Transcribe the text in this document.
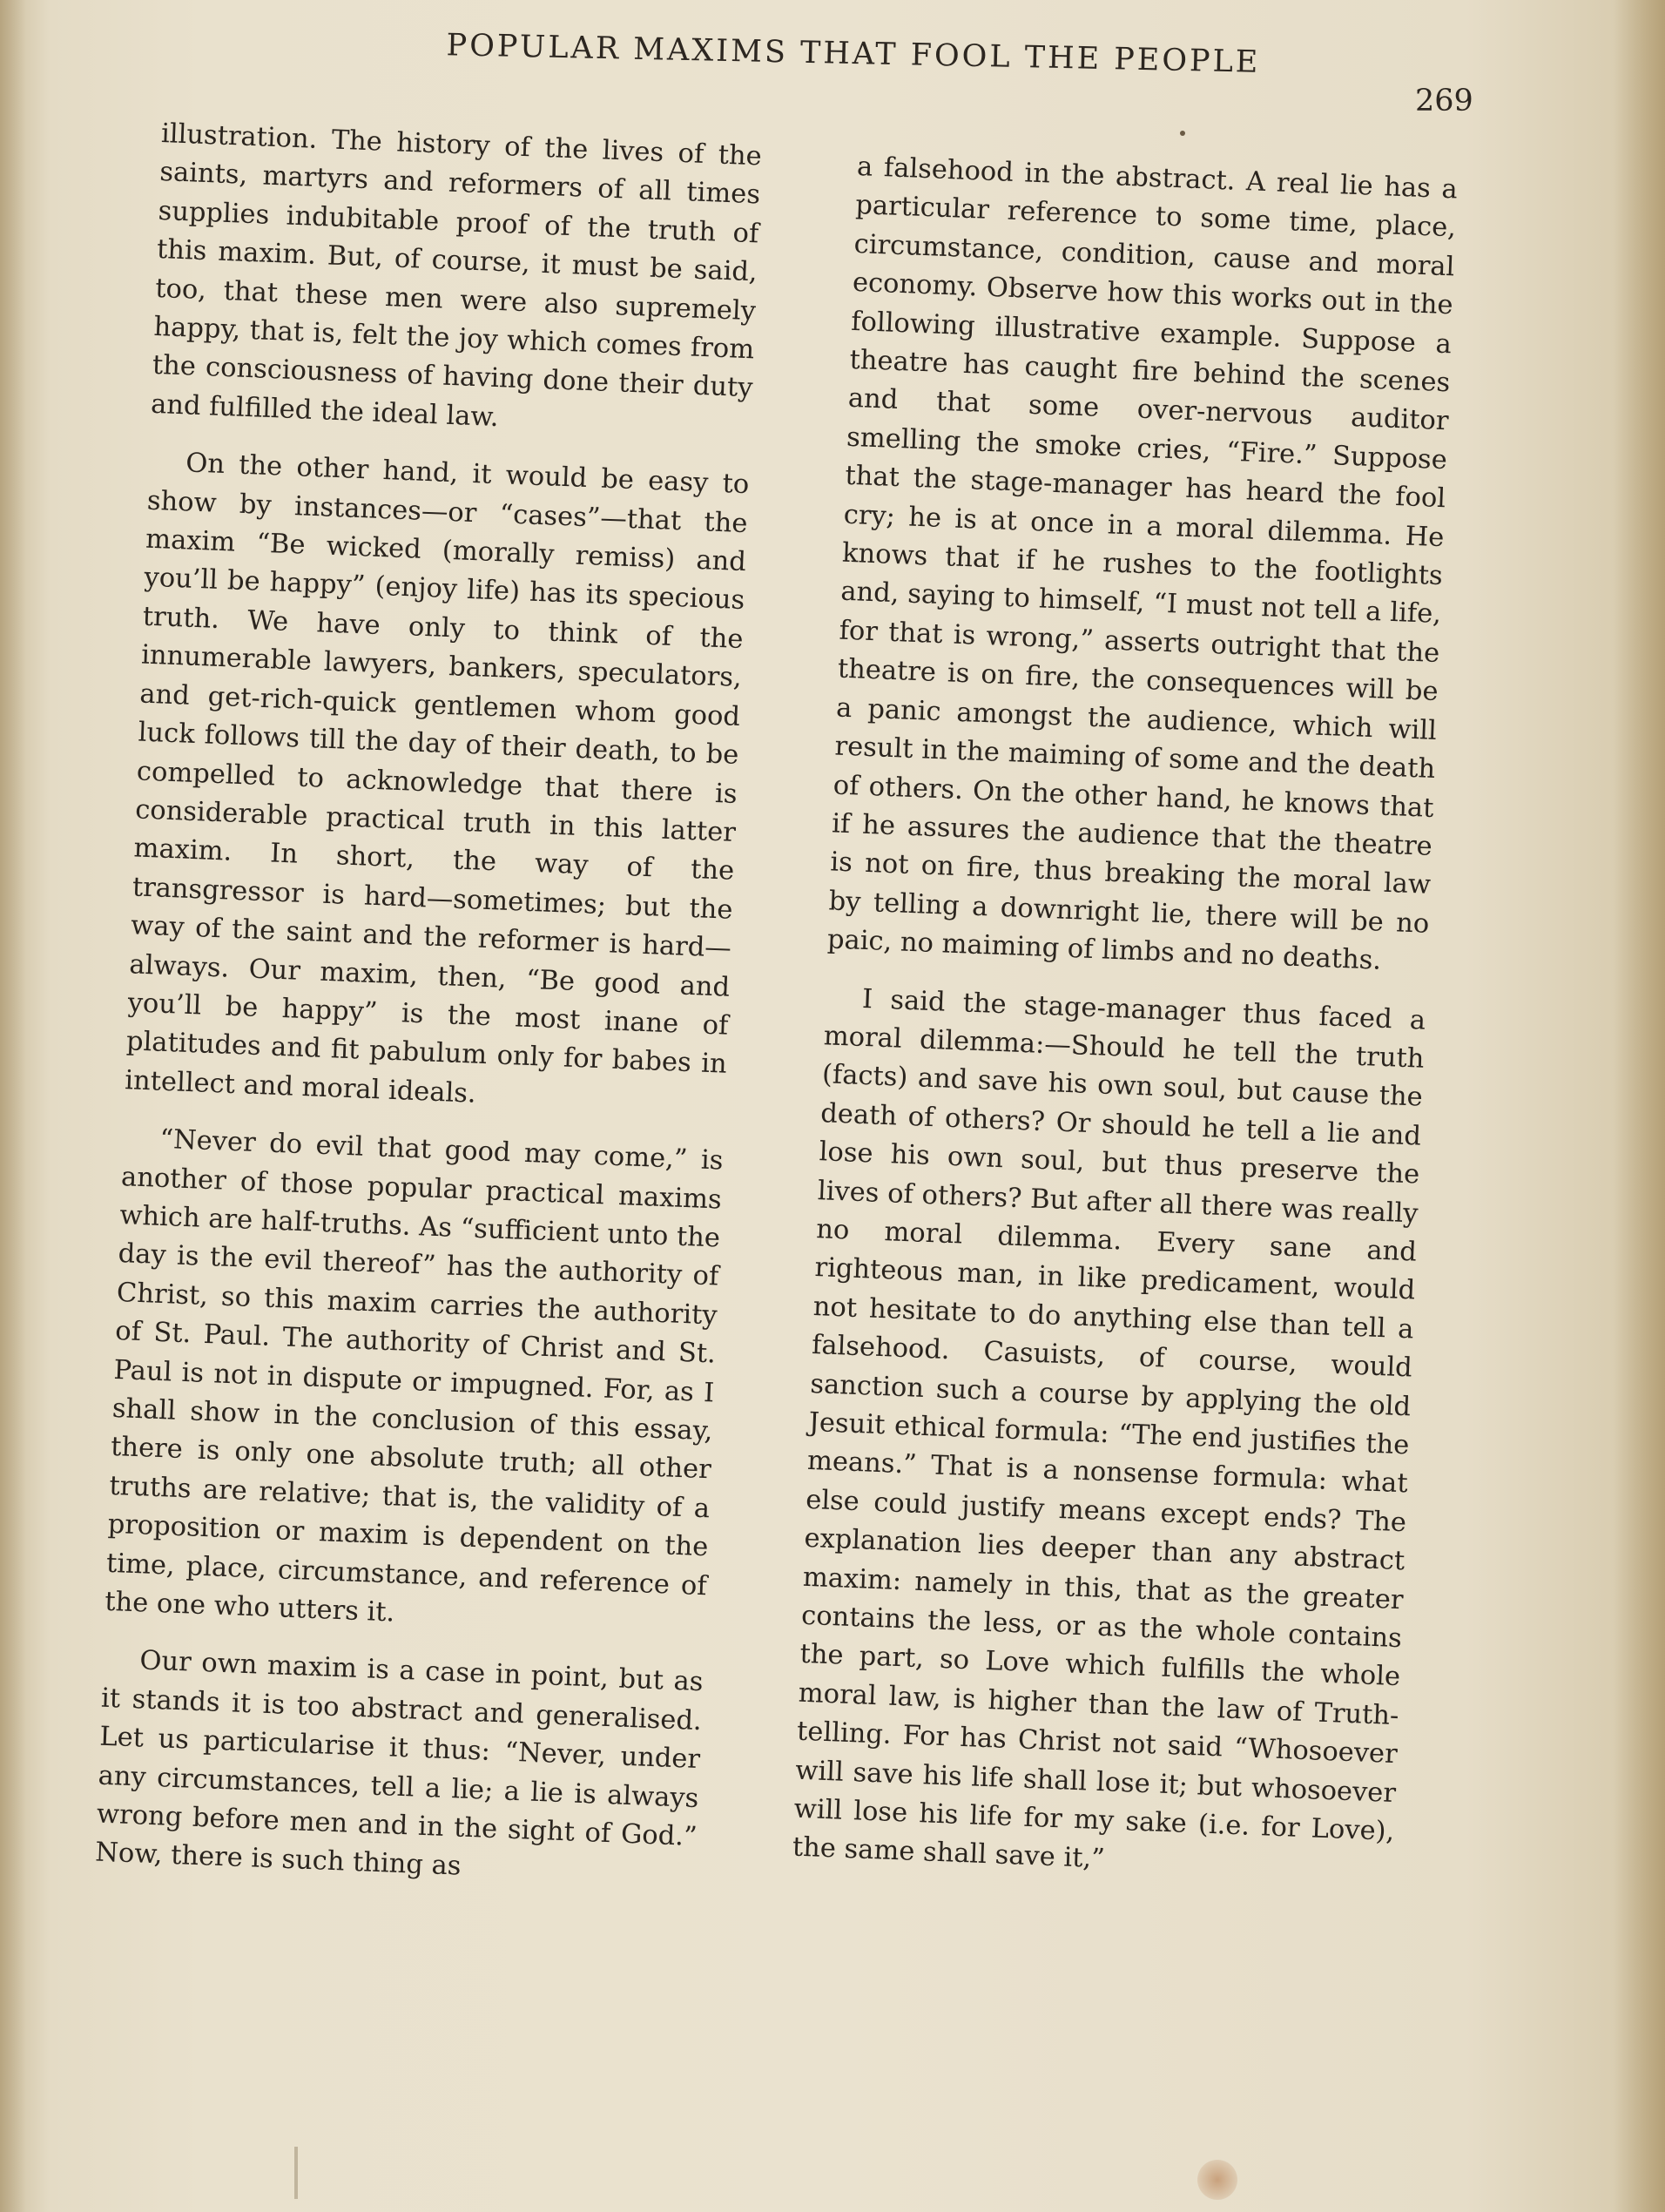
POPULAR MAXIMS THAT FOOL THE PEOPLE
269

illustration. The history of the lives of the saints, martyrs and reformers of all times supplies indubitable proof of the truth of this maxim. But, of course, it must be said, too, that these men were also supremely happy, that is, felt the joy which comes from the consciousness of having done their duty and fulfilled the ideal law.

On the other hand, it would be easy to show by instances—or “cases”—that the maxim “Be wicked (morally remiss) and you’ll be happy” (enjoy life) has its specious truth. We have only to think of the innumerable lawyers, bankers, speculators, and get-rich-quick gentlemen whom good luck follows till the day of their death, to be compelled to acknowledge that there is considerable practical truth in this latter maxim. In short, the way of the transgressor is hard—sometimes; but the way of the saint and the reformer is hard—always. Our maxim, then, “Be good and you’ll be happy” is the most inane of platitudes and fit pabulum only for babes in intellect and moral ideals.

“Never do evil that good may come,” is another of those popular practical maxims which are half-truths. As “sufficient unto the day is the evil thereof” has the authority of Christ, so this maxim carries the authority of St. Paul. The authority of Christ and St. Paul is not in dispute or impugned. For, as I shall show in the conclusion of this essay, there is only one absolute truth; all other truths are relative; that is, the validity of a proposition or maxim is dependent on the time, place, circumstance, and reference of the one who utters it.

Our own maxim is a case in point, but as it stands it is too abstract and generalised. Let us particularise it thus: “Never, under any circumstances, tell a lie; a lie is always wrong before men and in the sight of God.” Now, there is such thing as

a falsehood in the abstract. A real lie has a particular reference to some time, place, circumstance, condition, cause and moral economy. Observe how this works out in the following illustrative example. Suppose a theatre has caught fire behind the scenes and that some over-nervous auditor smelling the smoke cries, “Fire.” Suppose that the stage-manager has heard the fool cry; he is at once in a moral dilemma. He knows that if he rushes to the footlights and, saying to himself, “I must not tell a life, for that is wrong,” asserts outright that the theatre is on fire, the consequences will be a panic amongst the audience, which will result in the maiming of some and the death of others. On the other hand, he knows that if he assures the audience that the theatre is not on fire, thus breaking the moral law by telling a downright lie, there will be no paic, no maiming of limbs and no deaths.

I said the stage-manager thus faced a moral dilemma:—Should he tell the truth (facts) and save his own soul, but cause the death of others? Or should he tell a lie and lose his own soul, but thus preserve the lives of others? But after all there was really no moral dilemma. Every sane and righteous man, in like predicament, would not hesitate to do anything else than tell a falsehood. Casuists, of course, would sanction such a course by applying the old Jesuit ethical formula: “The end justifies the means.” That is a nonsense formula: what else could justify means except ends? The explanation lies deeper than any abstract maxim: namely in this, that as the greater contains the less, or as the whole contains the part, so Love which fulfills the whole moral law, is higher than the law of Truth-telling. For has Christ not said “Whosoever will save his life shall lose it; but whosoever will lose his life for my sake (i.e. for Love), the same shall save it,”
